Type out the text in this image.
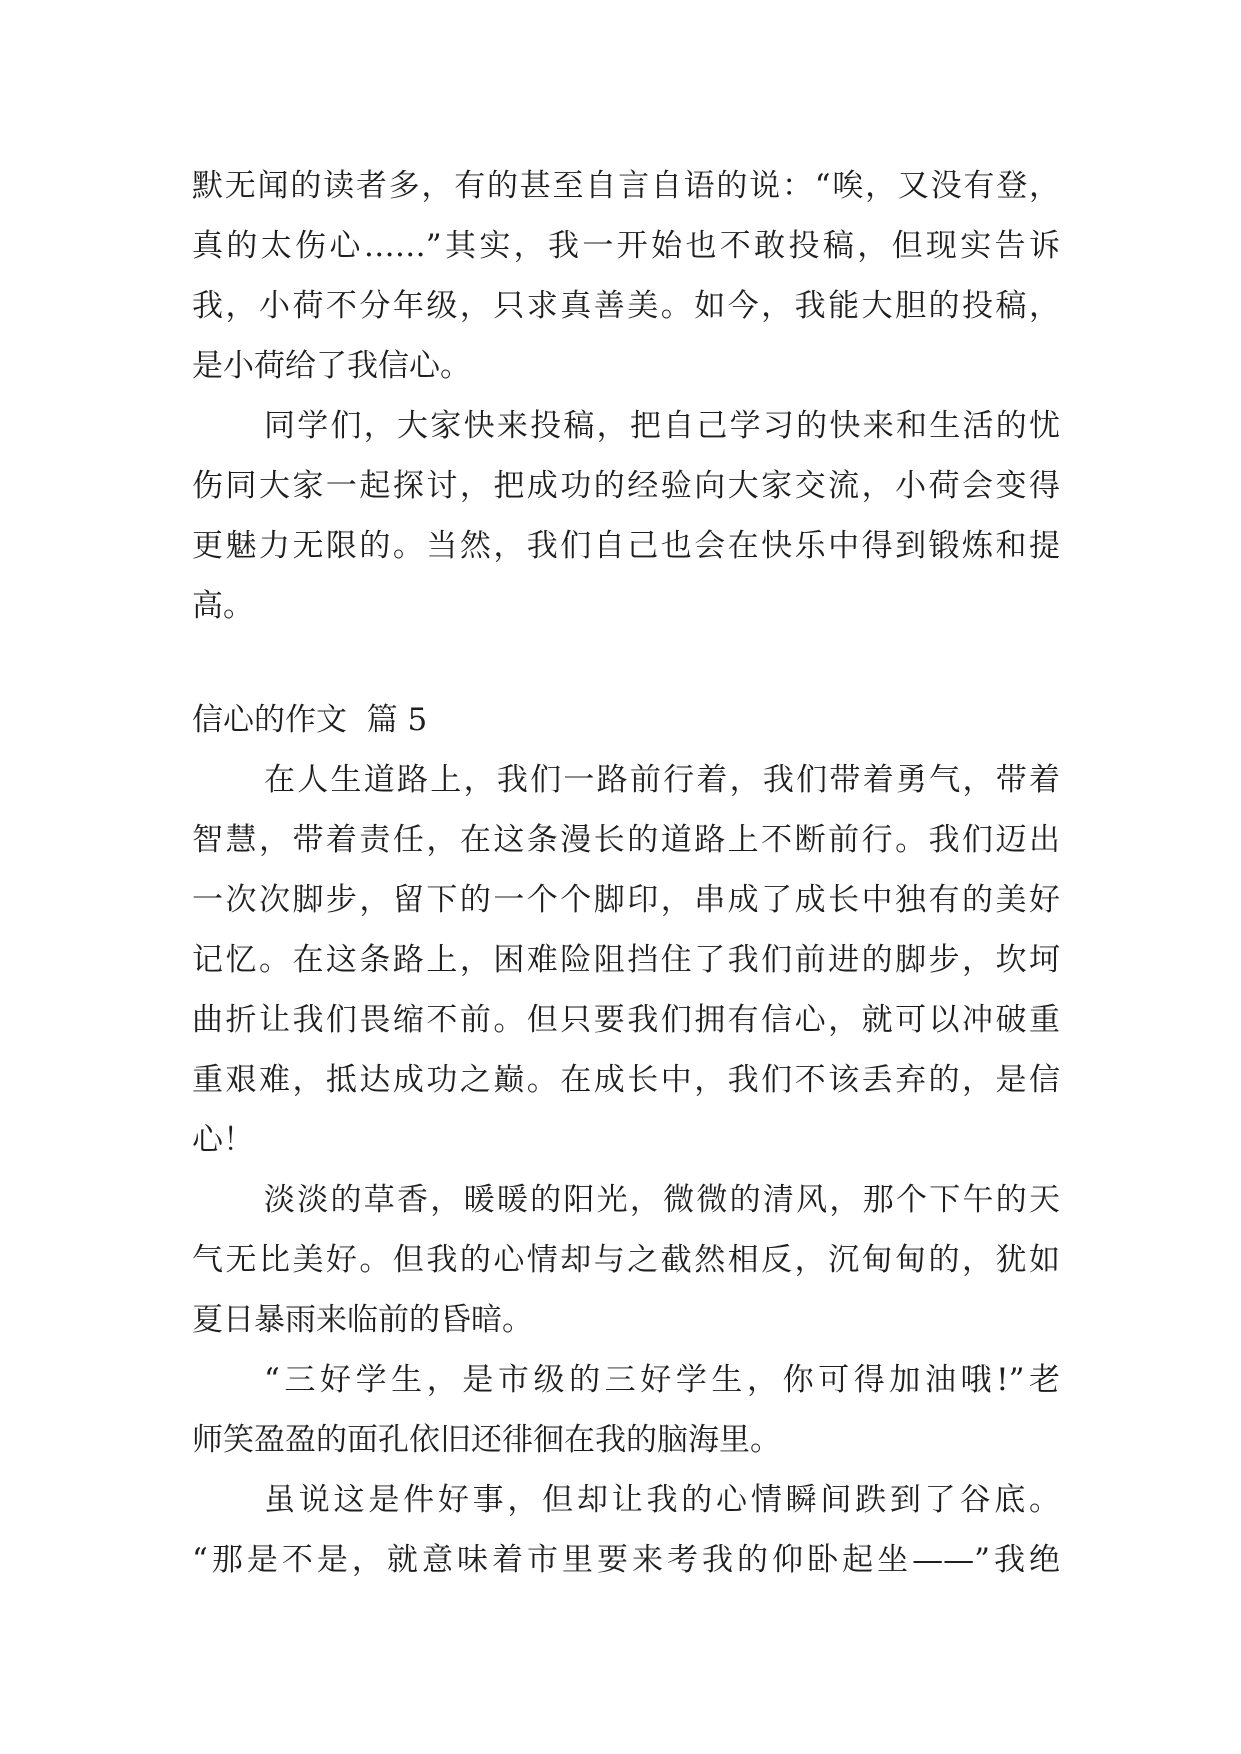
默无闻的读者多，有的甚至自言自语的说：“唉，又没有登，
真的太伤心……”其实，我一开始也不敢投稿，但现实告诉
我，小荷不分年级，只求真善美。如今，我能大胆的投稿，
是小荷给了我信心。
同学们，大家快来投稿，把自己学习的快来和生活的忧
伤同大家一起探讨，把成功的经验向大家交流，小荷会变得
更魅力无限的。当然，我们自己也会在快乐中得到锻炼和提
高。
信心的作文  篇 5
在人生道路上，我们一路前行着，我们带着勇气，带着
智慧，带着责任，在这条漫长的道路上不断前行。我们迈出
一次次脚步，留下的一个个脚印，串成了成长中独有的美好
记忆。在这条路上，困难险阻挡住了我们前进的脚步，坎坷
曲折让我们畏缩不前。但只要我们拥有信心，就可以冲破重
重艰难，抵达成功之巅。在成长中，我们不该丢弃的，是信
心！
淡淡的草香，暖暖的阳光，微微的清风，那个下午的天
气无比美好。但我的心情却与之截然相反，沉甸甸的，犹如
夏日暴雨来临前的昏暗。
“三好学生，是市级的三好学生，你可得加油哦!”老
师笑盈盈的面孔依旧还徘徊在我的脑海里。
虽说这是件好事，但却让我的心情瞬间跌到了谷底。
“那是不是，就意味着市里要来考我的仰卧起坐——”我绝
